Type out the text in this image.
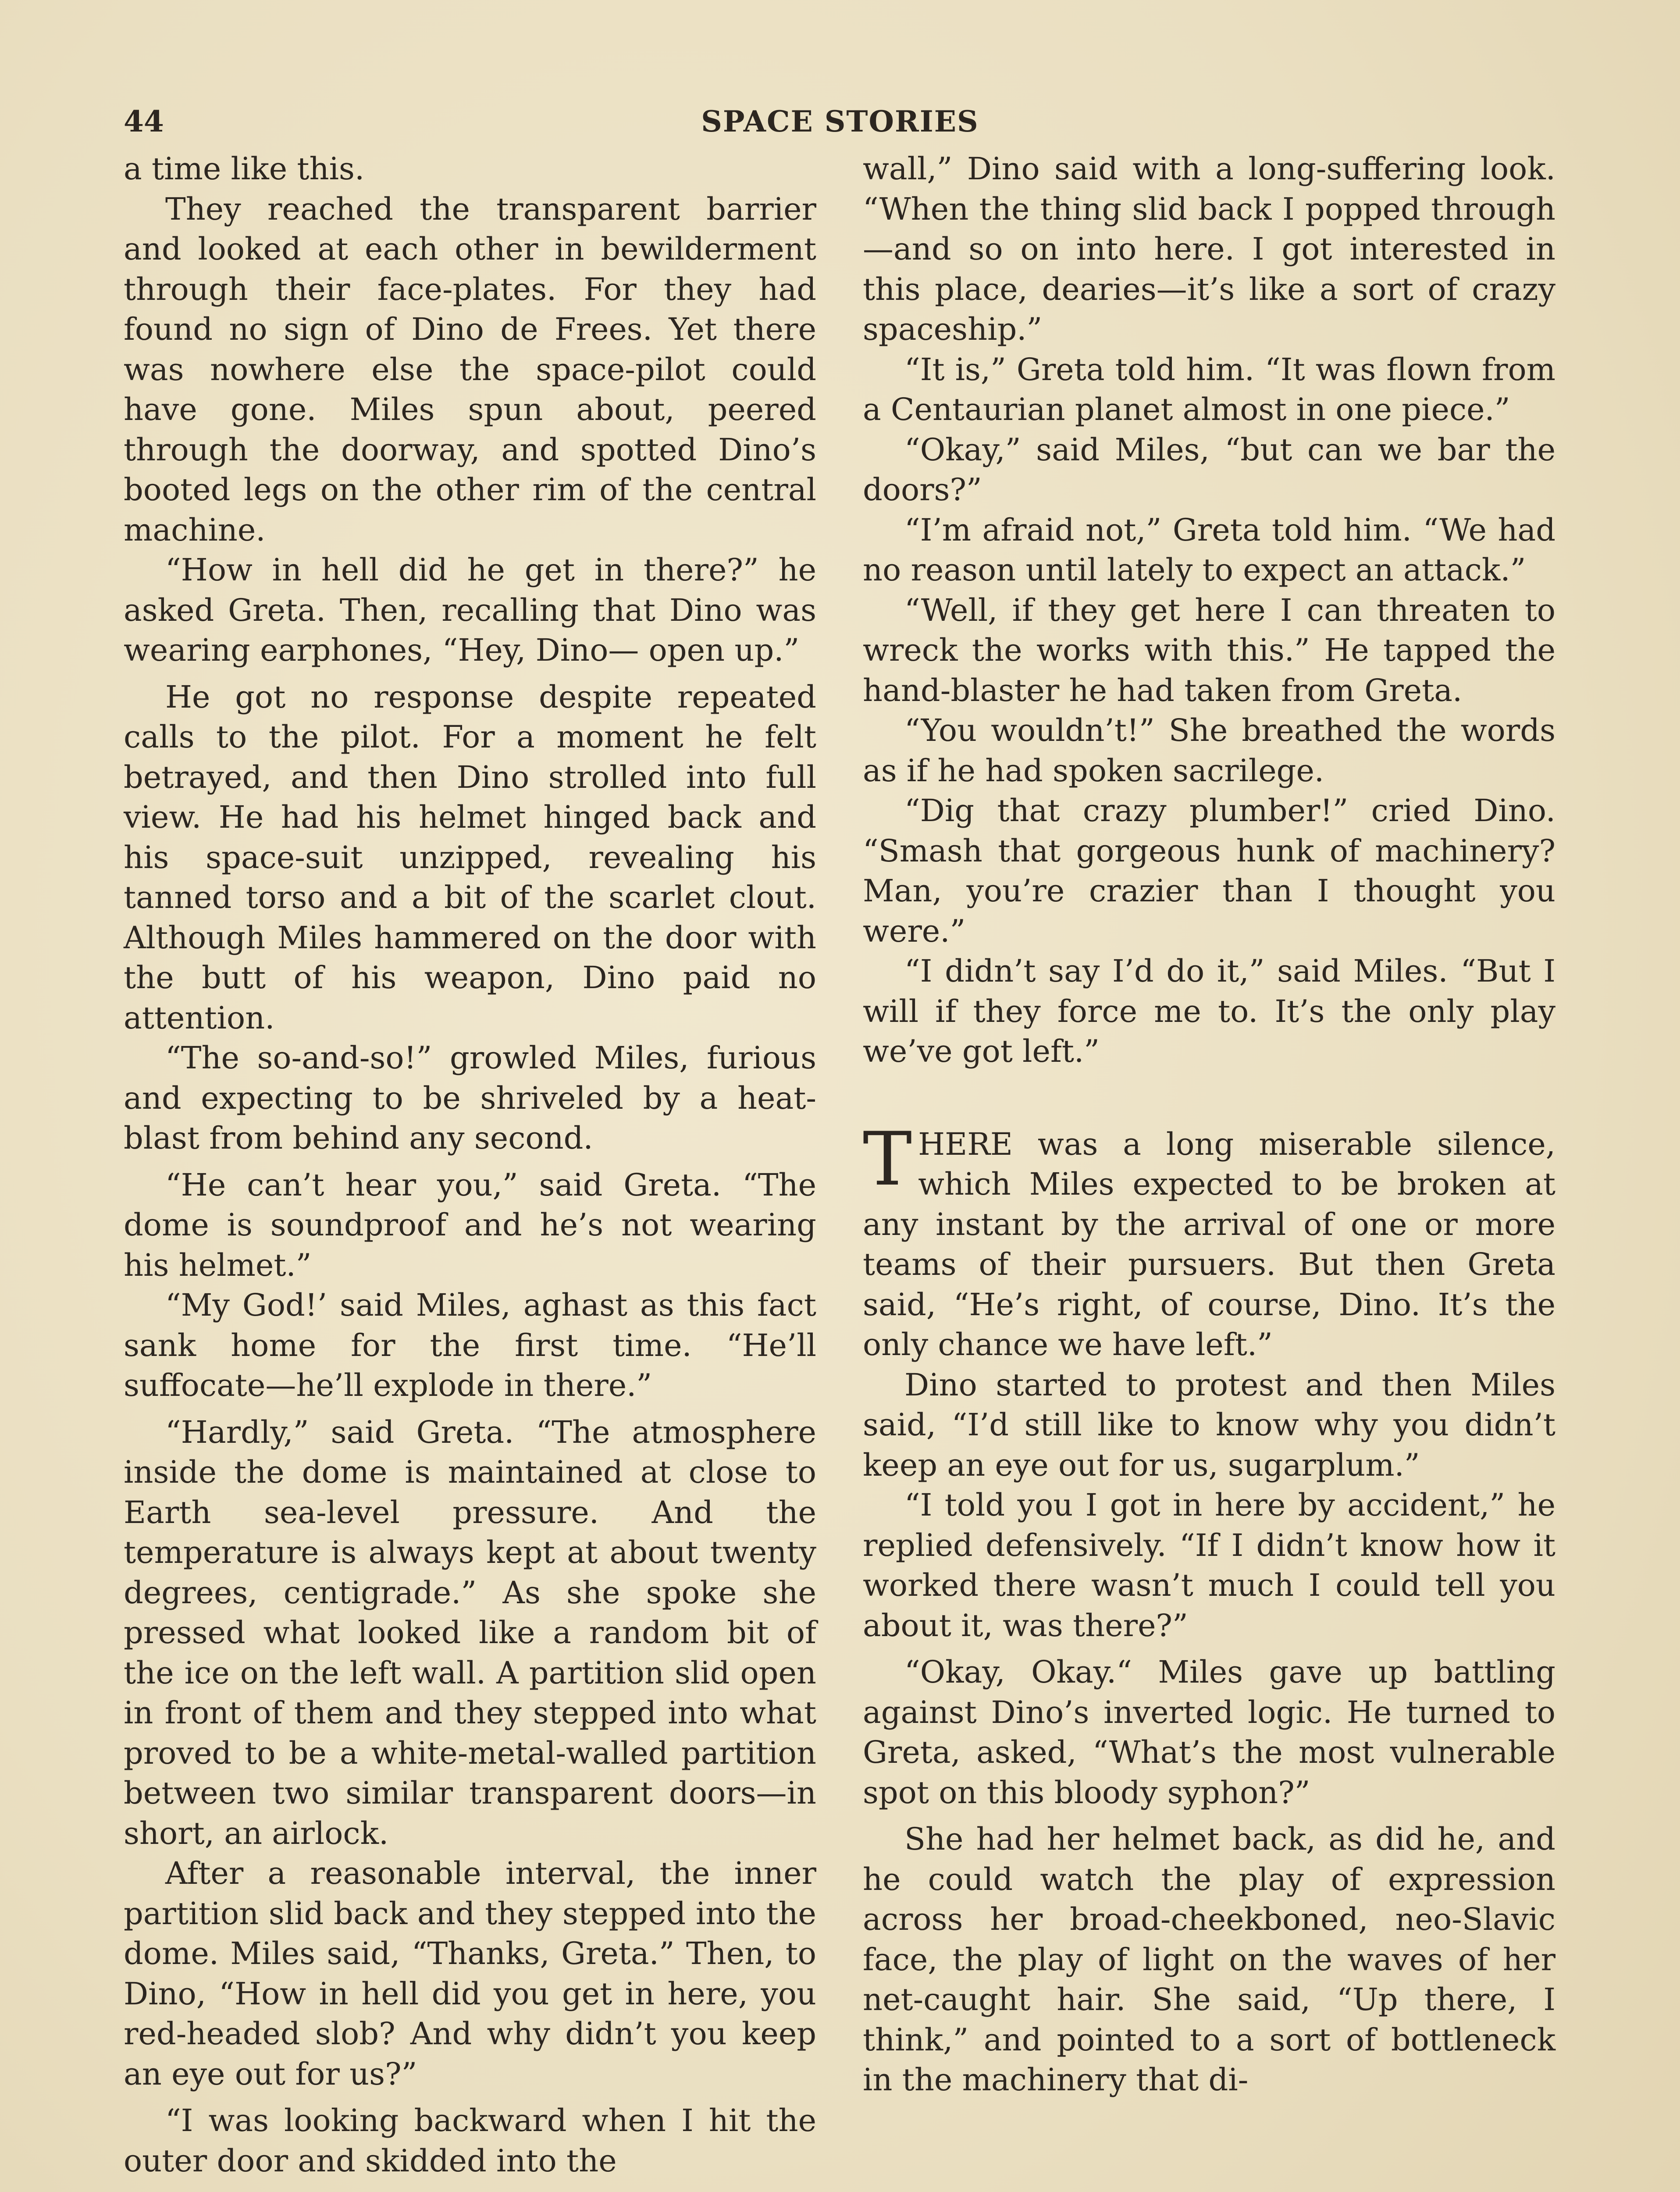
SPACE STORIES
44

a time like this.

They reached the transparent barrier and looked at each other in bewilderment through their face-plates. For they had found no sign of Dino de Frees. Yet there was nowhere else the space-pilot could have gone. Miles spun about, peered through the doorway, and spotted Dino’s booted legs on the other rim of the central machine.

“How in hell did he get in there?” he asked Greta. Then, recalling that Dino was wearing earphones, “Hey, Dino— open up.”

He got no response despite repeated calls to the pilot. For a moment he felt betrayed, and then Dino strolled into full view. He had his helmet hinged back and his space-suit unzipped, revealing his tanned torso and a bit of the scarlet clout. Although Miles hammered on the door with the butt of his weapon, Dino paid no attention.

“The so-and-so!” growled Miles, furious and expecting to be shriveled by a heat-blast from behind any second.

“He can’t hear you,” said Greta. “The dome is soundproof and he’s not wearing his helmet.”

“My God!’ said Miles, aghast as this fact sank home for the first time. “He’ll suffocate—he’ll explode in there.”

“Hardly,” said Greta. “The atmosphere inside the dome is maintained at close to Earth sea-level pressure. And the temperature is always kept at about twenty degrees, centigrade.” As she spoke she pressed what looked like a random bit of the ice on the left wall. A partition slid open in front of them and they stepped into what proved to be a white-metal-walled partition between two similar transparent doors—in short, an airlock.

After a reasonable interval, the inner partition slid back and they stepped into the dome. Miles said, “Thanks, Greta.” Then, to Dino, “How in hell did you get in here, you red-headed slob? And why didn’t you keep an eye out for us?”

“I was looking backward when I hit the outer door and skidded into the

wall,” Dino said with a long-suffering look. “When the thing slid back I popped through—and so on into here. I got interested in this place, dearies—it’s like a sort of crazy spaceship.”

“It is,” Greta told him. “It was flown from a Centaurian planet almost in one piece.”

“Okay,” said Miles, “but can we bar the doors?”

“I’m afraid not,” Greta told him. “We had no reason until lately to expect an attack.”

“Well, if they get here I can threaten to wreck the works with this.” He tapped the hand-blaster he had taken from Greta.

“You wouldn’t!” She breathed the words as if he had spoken sacrilege.

“Dig that crazy plumber!” cried Dino. “Smash that gorgeous hunk of machinery? Man, you’re crazier than I thought you were.”

“I didn’t say I’d do it,” said Miles. “But I will if they force me to. It’s the only play we’ve got left.”

THERE was a long miserable silence, which Miles expected to be broken at any instant by the arrival of one or more teams of their pursuers. But then Greta said, “He’s right, of course, Dino. It’s the only chance we have left.”

Dino started to protest and then Miles said, “I’d still like to know why you didn’t keep an eye out for us, sugarplum.”

“I told you I got in here by accident,” he replied defensively. “If I didn’t know how it worked there wasn’t much I could tell you about it, was there?”

“Okay, Okay.“ Miles gave up battling against Dino’s inverted logic. He turned to Greta, asked, “What’s the most vulnerable spot on this bloody syphon?”

She had her helmet back, as did he, and he could watch the play of expression across her broad-cheekboned, neo-Slavic face, the play of light on the waves of her net-caught hair. She said, “Up there, I think,” and pointed to a sort of bottleneck in the machinery that di-
